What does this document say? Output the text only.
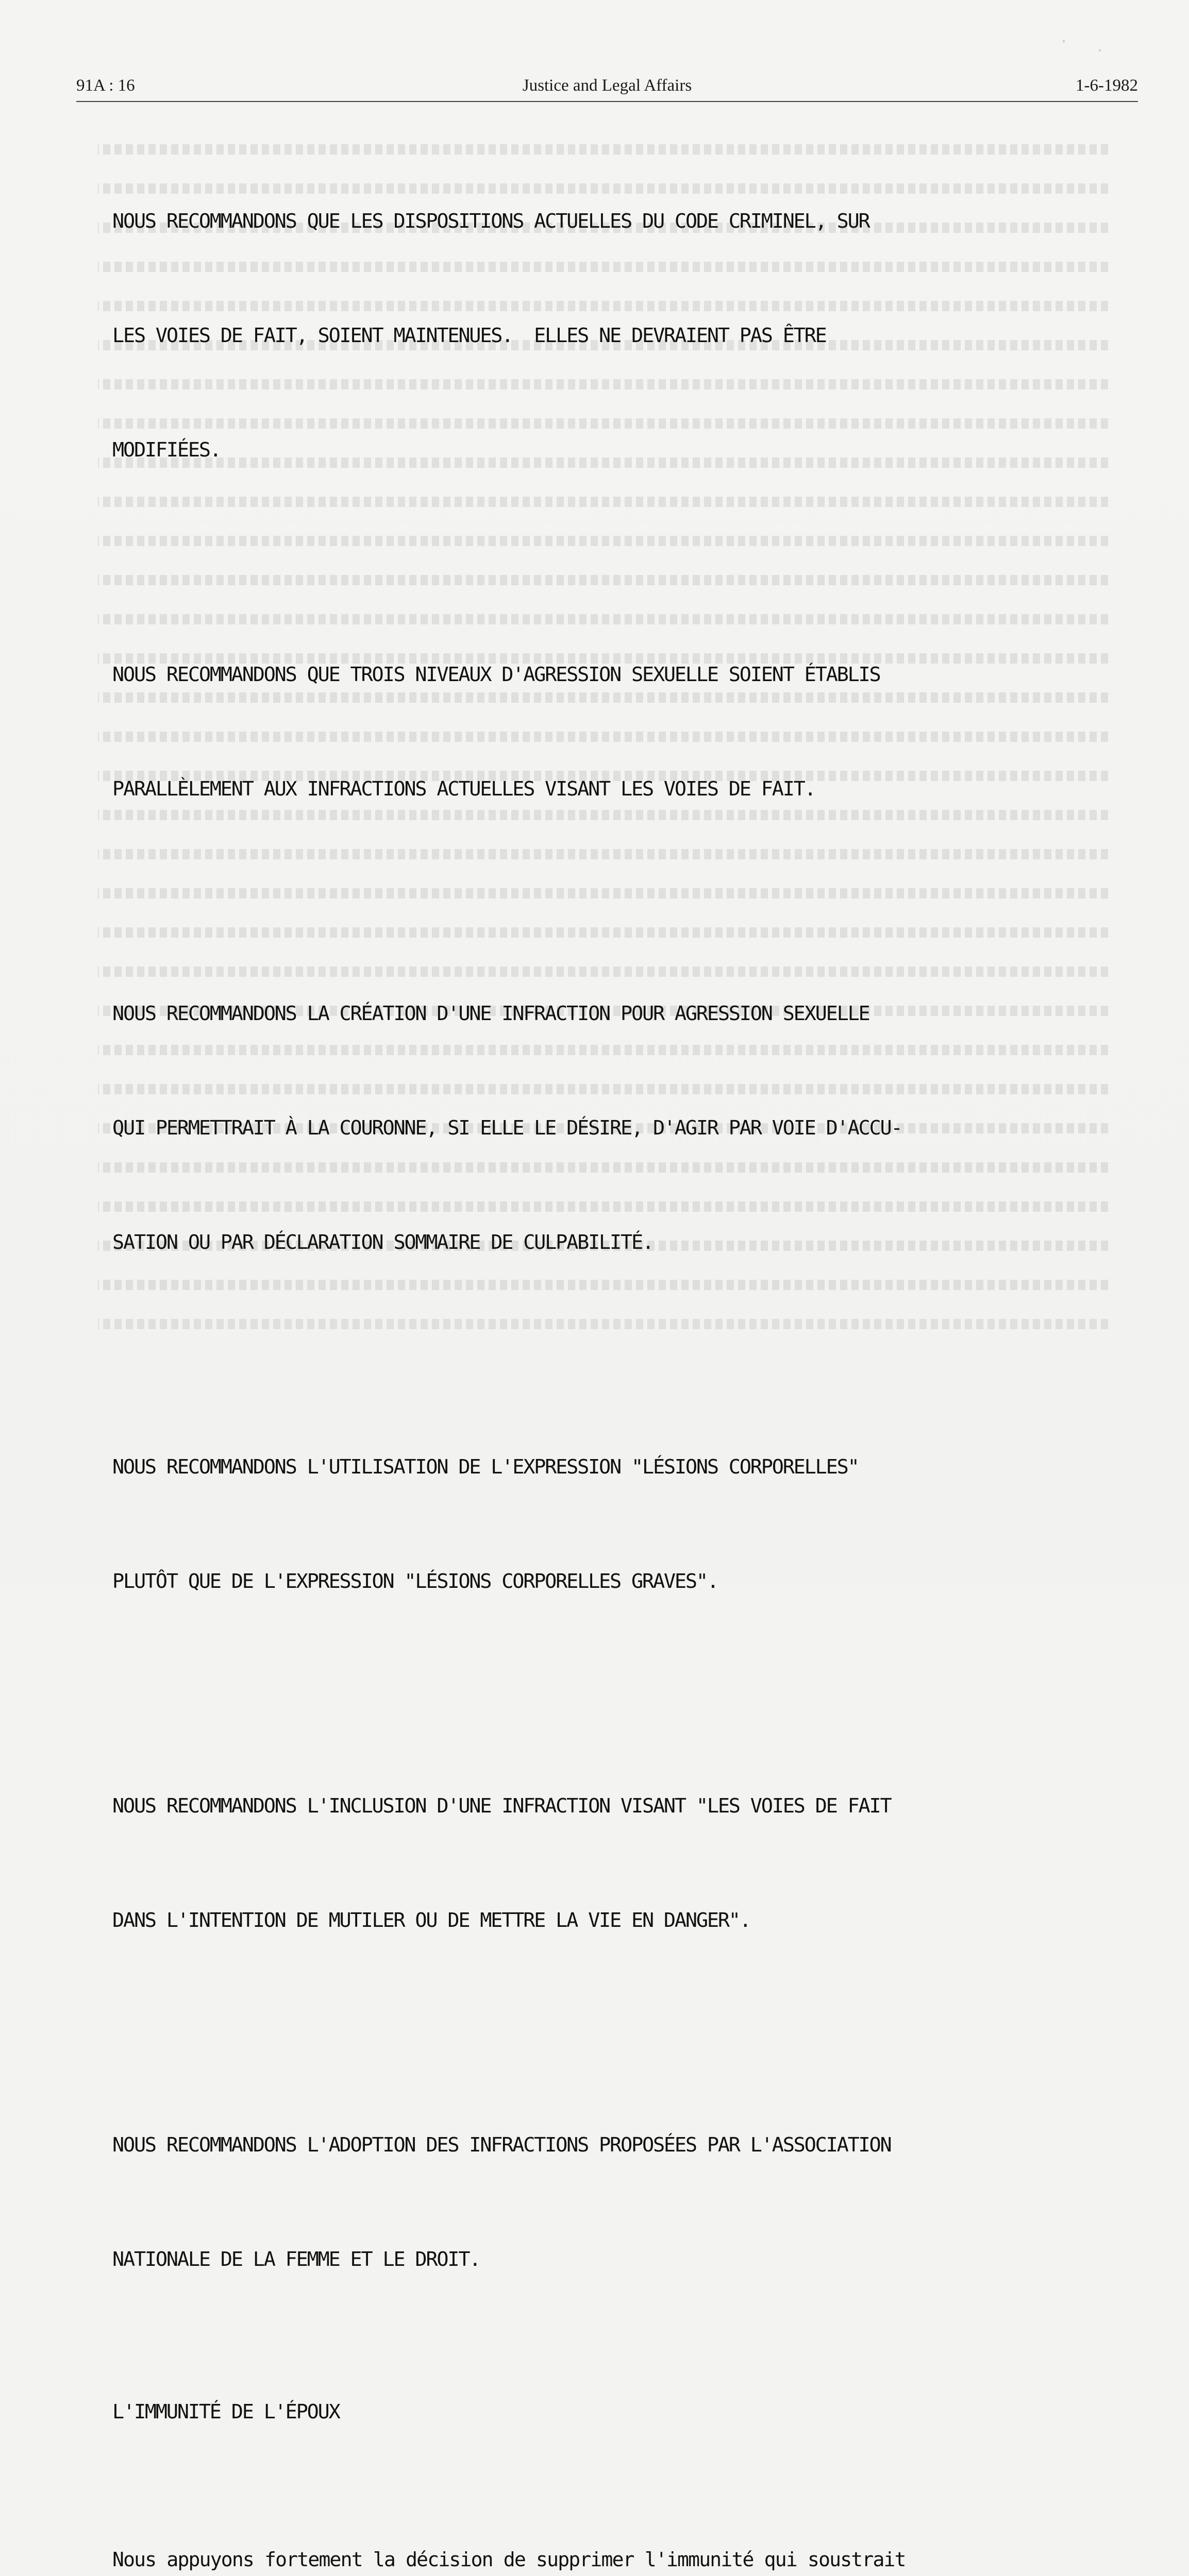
91A : 16	Justice and Legal Affairs	1-6-1982

NOUS RECOMMANDONS QUE LES DISPOSITIONS ACTUELLES DU CODE CRIMINEL, SUR

LES VOIES DE FAIT, SOIENT MAINTENUES.  ELLES NE DEVRAIENT PAS ÊTRE

MODIFIÉES.

NOUS RECOMMANDONS QUE TROIS NIVEAUX D'AGRESSION SEXUELLE SOIENT ÉTABLIS

PARALLÈLEMENT AUX INFRACTIONS ACTUELLES VISANT LES VOIES DE FAIT.

NOUS RECOMMANDONS LA CRÉATION D'UNE INFRACTION POUR AGRESSION SEXUELLE

QUI PERMETTRAIT À LA COURONNE, SI ELLE LE DÉSIRE, D'AGIR PAR VOIE D'ACCU-

SATION OU PAR DÉCLARATION SOMMAIRE DE CULPABILITÉ.

NOUS RECOMMANDONS L'UTILISATION DE L'EXPRESSION "LÉSIONS CORPORELLES"

PLUTÔT QUE DE L'EXPRESSION "LÉSIONS CORPORELLES GRAVES".

NOUS RECOMMANDONS L'INCLUSION D'UNE INFRACTION VISANT "LES VOIES DE FAIT

DANS L'INTENTION DE MUTILER OU DE METTRE LA VIE EN DANGER".

NOUS RECOMMANDONS L'ADOPTION DES INFRACTIONS PROPOSÉES PAR L'ASSOCIATION

NATIONALE DE LA FEMME ET LE DROIT.

L'IMMUNITÉ DE L'ÉPOUX

Nous appuyons fortement la décision de supprimer l'immunité qui soustrait
